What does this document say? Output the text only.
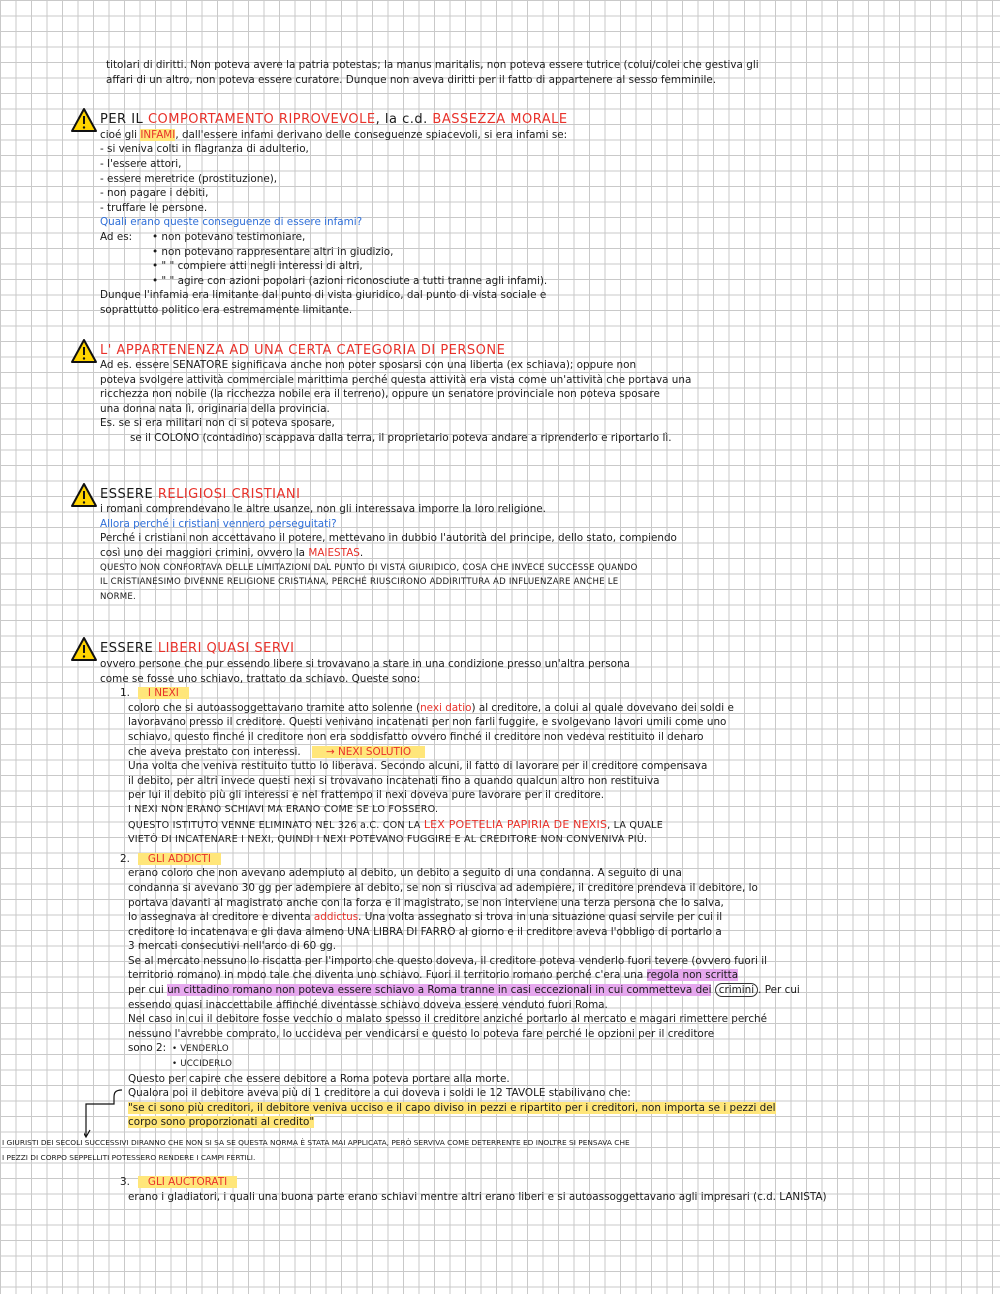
titolari di diritti. Non poteva avere la patria potestas; la manus maritalis, non poteva essere tutrice (colui/colei che gestiva gli
affari di un altro, non poteva essere curatore. Dunque non aveva diritti per il fatto di appartenere al sesso femminile.
PER IL COMPORTAMENTO RIPROVEVOLE, la c.d. BASSEZZA MORALE
cioé gli INFAMI, dall'essere infami derivano delle conseguenze spiacevoli, si era infami se:
- si veniva colti in flagranza di adulterio,
- l'essere attori,
- essere meretrice (prostituzione),
- non pagare i debiti,
- truffare le persone.
Quali erano queste conseguenze di essere infami?
Ad es: • non potevano testimoniare,
• non potevano rappresentare altri in giudizio,
• " " compiere atti negli interessi di altri,
• " " agire con azioni popolari (azioni riconosciute a tutti tranne agli infami).
Dunque l'infamia era limitante dal punto di vista giuridico, dal punto di vista sociale e
soprattutto politico era estremamente limitante.
L' APPARTENENZA AD UNA CERTA CATEGORIA DI PERSONE
Ad es. essere SENATORE significava anche non poter sposarsi con una liberta (ex schiava); oppure non
poteva svolgere attività commerciale marittima perché questa attività era vista come un'attività che portava una
ricchezza non nobile (la ricchezza nobile era il terreno), oppure un senatore provinciale non poteva sposare
una donna nata lì, originaria della provincia.
Es. se si era militari non ci si poteva sposare,
se il COLONO (contadino) scappava dalla terra, il proprietario poteva andare a riprenderlo e riportarlo lì.
ESSERE RELIGIOSI CRISTIANI
i romani comprendevano le altre usanze, non gli interessava imporre la loro religione.
Allora perché i cristiani vennero perseguitati?
Perché i cristiani non accettavano il potere, mettevano in dubbio l'autorità del principe, dello stato, compiendo
così uno dei maggiori crimini, ovvero la MAIESTAS.
QUESTO NON CONFORTAVA DELLE LIMITAZIONI DAL PUNTO DI VISTA GIURIDICO, COSA CHE INVECE SUCCESSE QUANDO
IL CRISTIANESIMO DIVENNE RELIGIONE CRISTIANA, PERCHÉ RIUSCIRONO ADDIRITTURA AD INFLUENZARE ANCHE LE
NORME.
ESSERE LIBERI QUASI SERVI
ovvero persone che pur essendo libere si trovavano a stare in una condizione presso un'altra persona
come se fosse uno schiavo, trattato da schiavo. Queste sono:
1. I NEXI
coloro che si autoassoggettavano tramite atto solenne (nexi datio) al creditore, a colui al quale dovevano dei soldi e
lavoravano presso il creditore. Questi venivano incatenati per non farli fuggire, e svolgevano lavori umili come uno
schiavo, questo finché il creditore non era soddisfatto ovvero finché il creditore non vedeva restituito il denaro
che aveva prestato con interessi. → NEXI SOLUTIO
Una volta che veniva restituito tutto lo liberava. Secondo alcuni, il fatto di lavorare per il creditore compensava
il debito, per altri invece questi nexi si trovavano incatenati fino a quando qualcun altro non restituiva
per lui il debito più gli interessi e nel frattempo il nexi doveva pure lavorare per il creditore.
I NEXI NON ERANO SCHIAVI MA ERANO COME SE LO FOSSERO.
QUESTO ISTITUTO VENNE ELIMINATO NEL 326 a.C. CON LA LEX POETELIA PAPIRIA DE NEXIS, LA QUALE
VIETÒ DI INCATENARE I NEXI, QUINDI I NEXI POTEVANO FUGGIRE E AL CREDITORE NON CONVENIVA PIÙ.
2. GLI ADDICTI
erano coloro che non avevano adempiuto al debito, un debito a seguito di una condanna. A seguito di una
condanna si avevano 30 gg per adempiere al debito, se non si riusciva ad adempiere, il creditore prendeva il debitore, lo
portava davanti al magistrato anche con la forza e il magistrato, se non interviene una terza persona che lo salva,
lo assegnava al creditore e diventa addictus. Una volta assegnato si trova in una situazione quasi servile per cui il
creditore lo incatenava e gli dava almeno UNA LIBRA DI FARRO al giorno e il creditore aveva l'obbligo di portarlo a
3 mercati consecutivi nell'arco di 60 gg.
Se al mercato nessuno lo riscatta per l'importo che questo doveva, il creditore poteva venderlo fuori tevere (ovvero fuori il
territorio romano) in modo tale che diventa uno schiavo. Fuori il territorio romano perché c'era una regola non scritta
per cui un cittadino romano non poteva essere schiavo a Roma tranne in casi eccezionali in cui commetteva dei crimini . Per cui
essendo quasi inaccettabile affinché diventasse schiavo doveva essere venduto fuori Roma.
Nel caso in cui il debitore fosse vecchio o malato spesso il creditore anziché portarlo al mercato e magari rimettere perché
nessuno l'avrebbe comprato, lo uccideva per vendicarsi e questo lo poteva fare perché le opzioni per il creditore
sono 2: • VENDERLO
• UCCIDERLO
Questo per capire che essere debitore a Roma poteva portare alla morte.
Qualora poi il debitore aveva più di 1 creditore a cui doveva i soldi le 12 TAVOLE stabilivano che:
"se ci sono più creditori, il debitore veniva ucciso e il capo diviso in pezzi e ripartito per i creditori, non importa se i pezzi del
corpo sono proporzionati al credito"
I GIURISTI DEI SECOLI SUCCESSIVI DIRANNO CHE NON SI SA SE QUESTA NORMA È STATA MAI APPLICATA, PERÒ SERVIVA COME DETERRENTE ED INOLTRE SI PENSAVA CHE
I PEZZI DI CORPO SEPPELLITI POTESSERO RENDERE I CAMPI FERTILI.
3. GLI AUCTORATI
erano i gladiatori, i quali una buona parte erano schiavi mentre altri erano liberi e si autoassoggettavano agli impresari (c.d. LANISTA)
